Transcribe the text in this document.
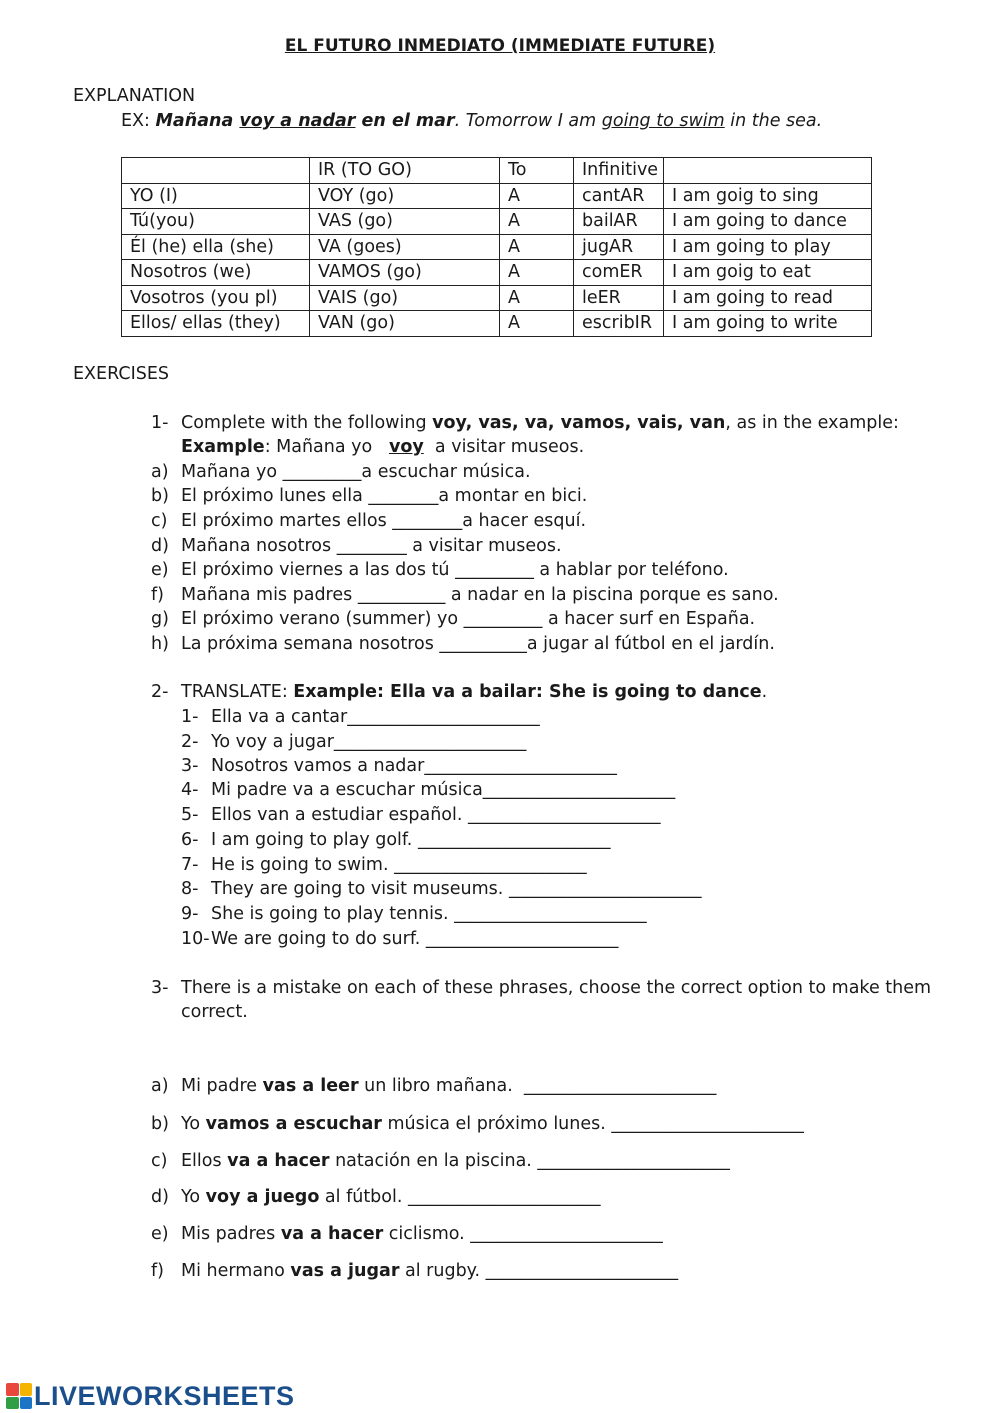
EL FUTURO INMEDIATO (IMMEDIATE FUTURE)
EXPLANATION
EX: Mañana voy a nadar en el mar. Tomorrow I am going to swim in the sea.
	IR (TO GO)	To	Infinitive	
YO (I)	VOY (go)	A	cantAR	I am goig to sing
Tú(you)	VAS (go)	A	bailAR	I am going to dance
Él (he) ella (she)	VA (goes)	A	jugAR	I am going to play
Nosotros (we)	VAMOS (go)	A	comER	I am goig to eat
Vosotros (you pl)	VAIS (go)	A	leER	I am going to read
Ellos/ ellas (they)	VAN (go)	A	escribIR	I am going to write
EXERCISES
1- Complete with the following voy, vas, va, vamos, vais, van, as in the example:
Example: Mañana yo   voy  a visitar museos.
a) Mañana yo _________a escuchar música.
b) El próximo lunes ella ________a montar en bici.
c) El próximo martes ellos ________a hacer esquí.
d) Mañana nosotros ________ a visitar museos.
e) El próximo viernes a las dos tú _________ a hablar por teléfono.
f) Mañana mis padres __________ a nadar en la piscina porque es sano.
g) El próximo verano (summer) yo _________ a hacer surf en España.
h) La próxima semana nosotros __________a jugar al fútbol en el jardín.
2- TRANSLATE: Example: Ella va a bailar: She is going to dance.
1- Ella va a cantar______________________
2- Yo voy a jugar______________________
3- Nosotros vamos a nadar______________________
4- Mi padre va a escuchar música______________________
5- Ellos van a estudiar español. ______________________
6- I am going to play golf. ______________________
7- He is going to swim. ______________________
8- They are going to visit museums. ______________________
9- She is going to play tennis. ______________________
10- We are going to do surf. ______________________
3- There is a mistake on each of these phrases, choose the correct option to make them
correct.
a) Mi padre vas a leer un libro mañana.  ______________________
b) Yo vamos a escuchar música el próximo lunes. ______________________
c) Ellos va a hacer natación en la piscina. ______________________
d) Yo voy a juego al fútbol. ______________________
e) Mis padres va a hacer ciclismo. ______________________
f) Mi hermano vas a jugar al rugby. ______________________
LIVEWORKSHEETS
